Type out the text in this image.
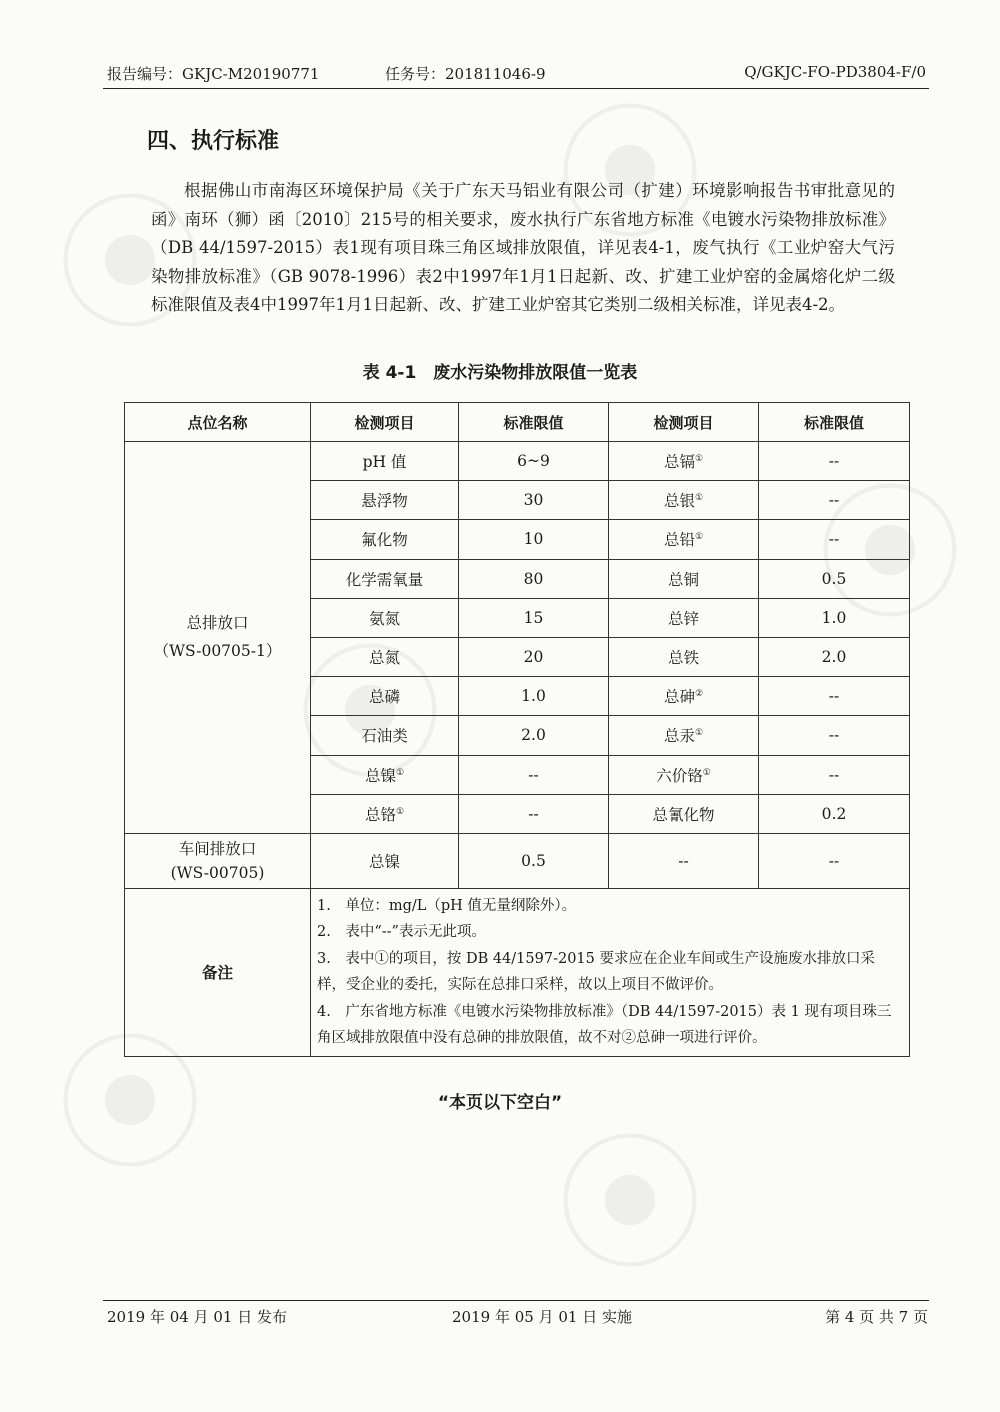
报告编号：GKJC-M20190771	任务号：201811046-9	Q/GKJC-FO-PD3804-F/0
四、执行标准
根据佛山市南海区环境保护局《关于广东天马铝业有限公司（扩建）环境影响报告书审批意见的函》南环（狮）函〔2010〕215号的相关要求，废水执行广东省地方标准《电镀水污染物排放标准》（DB 44/1597-2015）表1现有项目珠三角区域排放限值，详见表4-1，废气执行《工业炉窑大气污染物排放标准》（GB 9078-1996）表2中1997年1月1日起新、改、扩建工业炉窑的金属熔化炉二级标准限值及表4中1997年1月1日起新、改、扩建工业炉窑其它类别二级相关标准，详见表4-2。
表 4-1　废水污染物排放限值一览表
点位名称	检测项目	标准限值	检测项目	标准限值

总排放口
（WS-00705-1）	pH 值	6~9	总镉①	--
	悬浮物	30	总银①	--
	氟化物	10	总铅①	--
	化学需氧量	80	总铜	0.5
	氨氮	15	总锌	1.0
	总氮	20	总铁	2.0
	总磷	1.0	总砷②	--
	石油类	2.0	总汞①	--
	总镍①	--	六价铬①	--
	总铬①	--	总氰化物	0.2

车间排放口
(WS-00705)	总镍	0.5	--	--
备注	1.　单位：mg/L（pH 值无量纲除外）。
2.　表中“--”表示无此项。
3.　表中①的项目，按 DB 44/1597-2015 要求应在企业车间或生产设施废水排放口采样，受企业的委托，实际在总排口采样，故以上项目不做评价。
4.　广东省地方标准《电镀水污染物排放标准》（DB 44/1597-2015）表 1 现有项目珠三角区域排放限值中没有总砷的排放限值，故不对②总砷一项进行评价。			
“本页以下空白”
2019 年 04 月 01 日 发布	2019 年 05 月 01 日 实施	第 4 页 共 7 页
